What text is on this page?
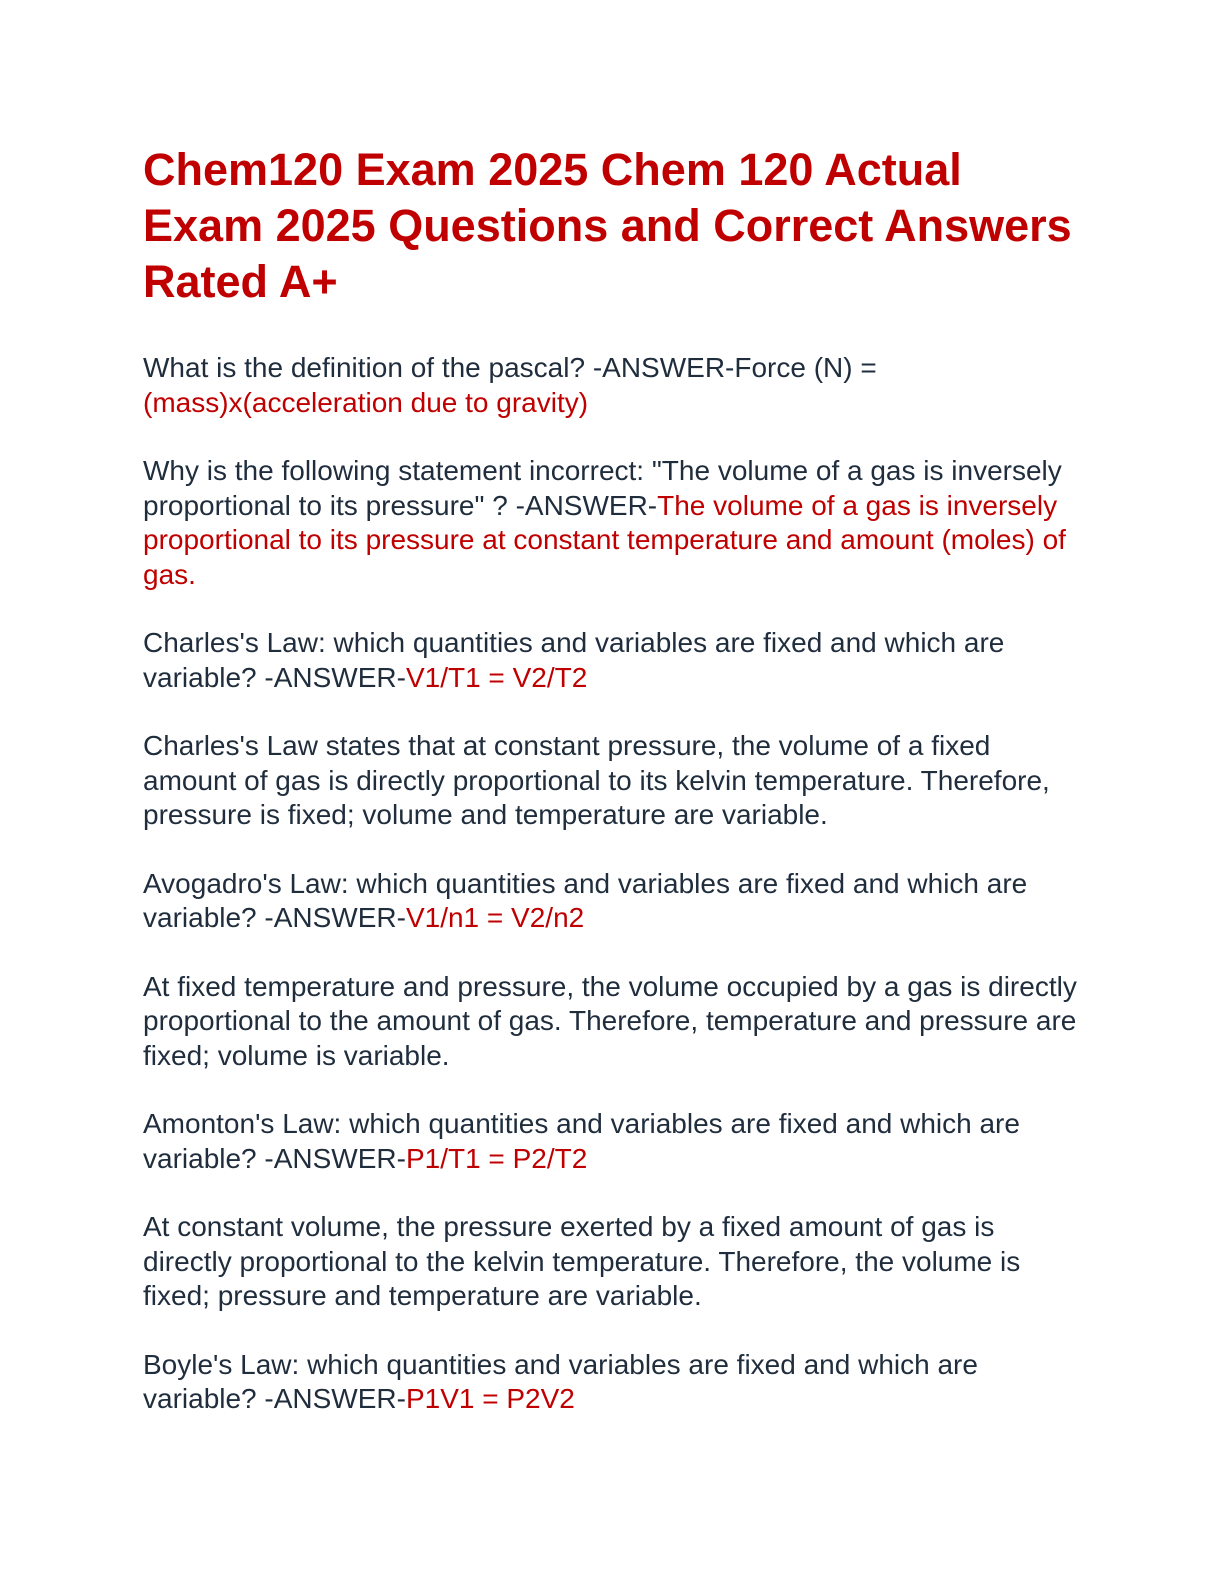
Chem120 Exam 2025 Chem 120 Actual Exam 2025 Questions and Correct Answers Rated A+

What is the definition of the pascal? -ANSWER-Force (N) = (mass)x(acceleration due to gravity)

Why is the following statement incorrect: "The volume of a gas is inversely proportional to its pressure" ? -ANSWER-The volume of a gas is inversely proportional to its pressure at constant temperature and amount (moles) of gas.

Charles's Law: which quantities and variables are fixed and which are variable? -ANSWER-V1/T1 = V2/T2

Charles's Law states that at constant pressure, the volume of a fixed amount of gas is directly proportional to its kelvin temperature. Therefore, pressure is fixed; volume and temperature are variable.

Avogadro's Law: which quantities and variables are fixed and which are variable? -ANSWER-V1/n1 = V2/n2

At fixed temperature and pressure, the volume occupied by a gas is directly proportional to the amount of gas. Therefore, temperature and pressure are fixed; volume is variable.

Amonton's Law: which quantities and variables are fixed and which are variable? -ANSWER-P1/T1 = P2/T2

At constant volume, the pressure exerted by a fixed amount of gas is directly proportional to the kelvin temperature. Therefore, the volume is fixed; pressure and temperature are variable.

Boyle's Law: which quantities and variables are fixed and which are variable? -ANSWER-P1V1 = P2V2
